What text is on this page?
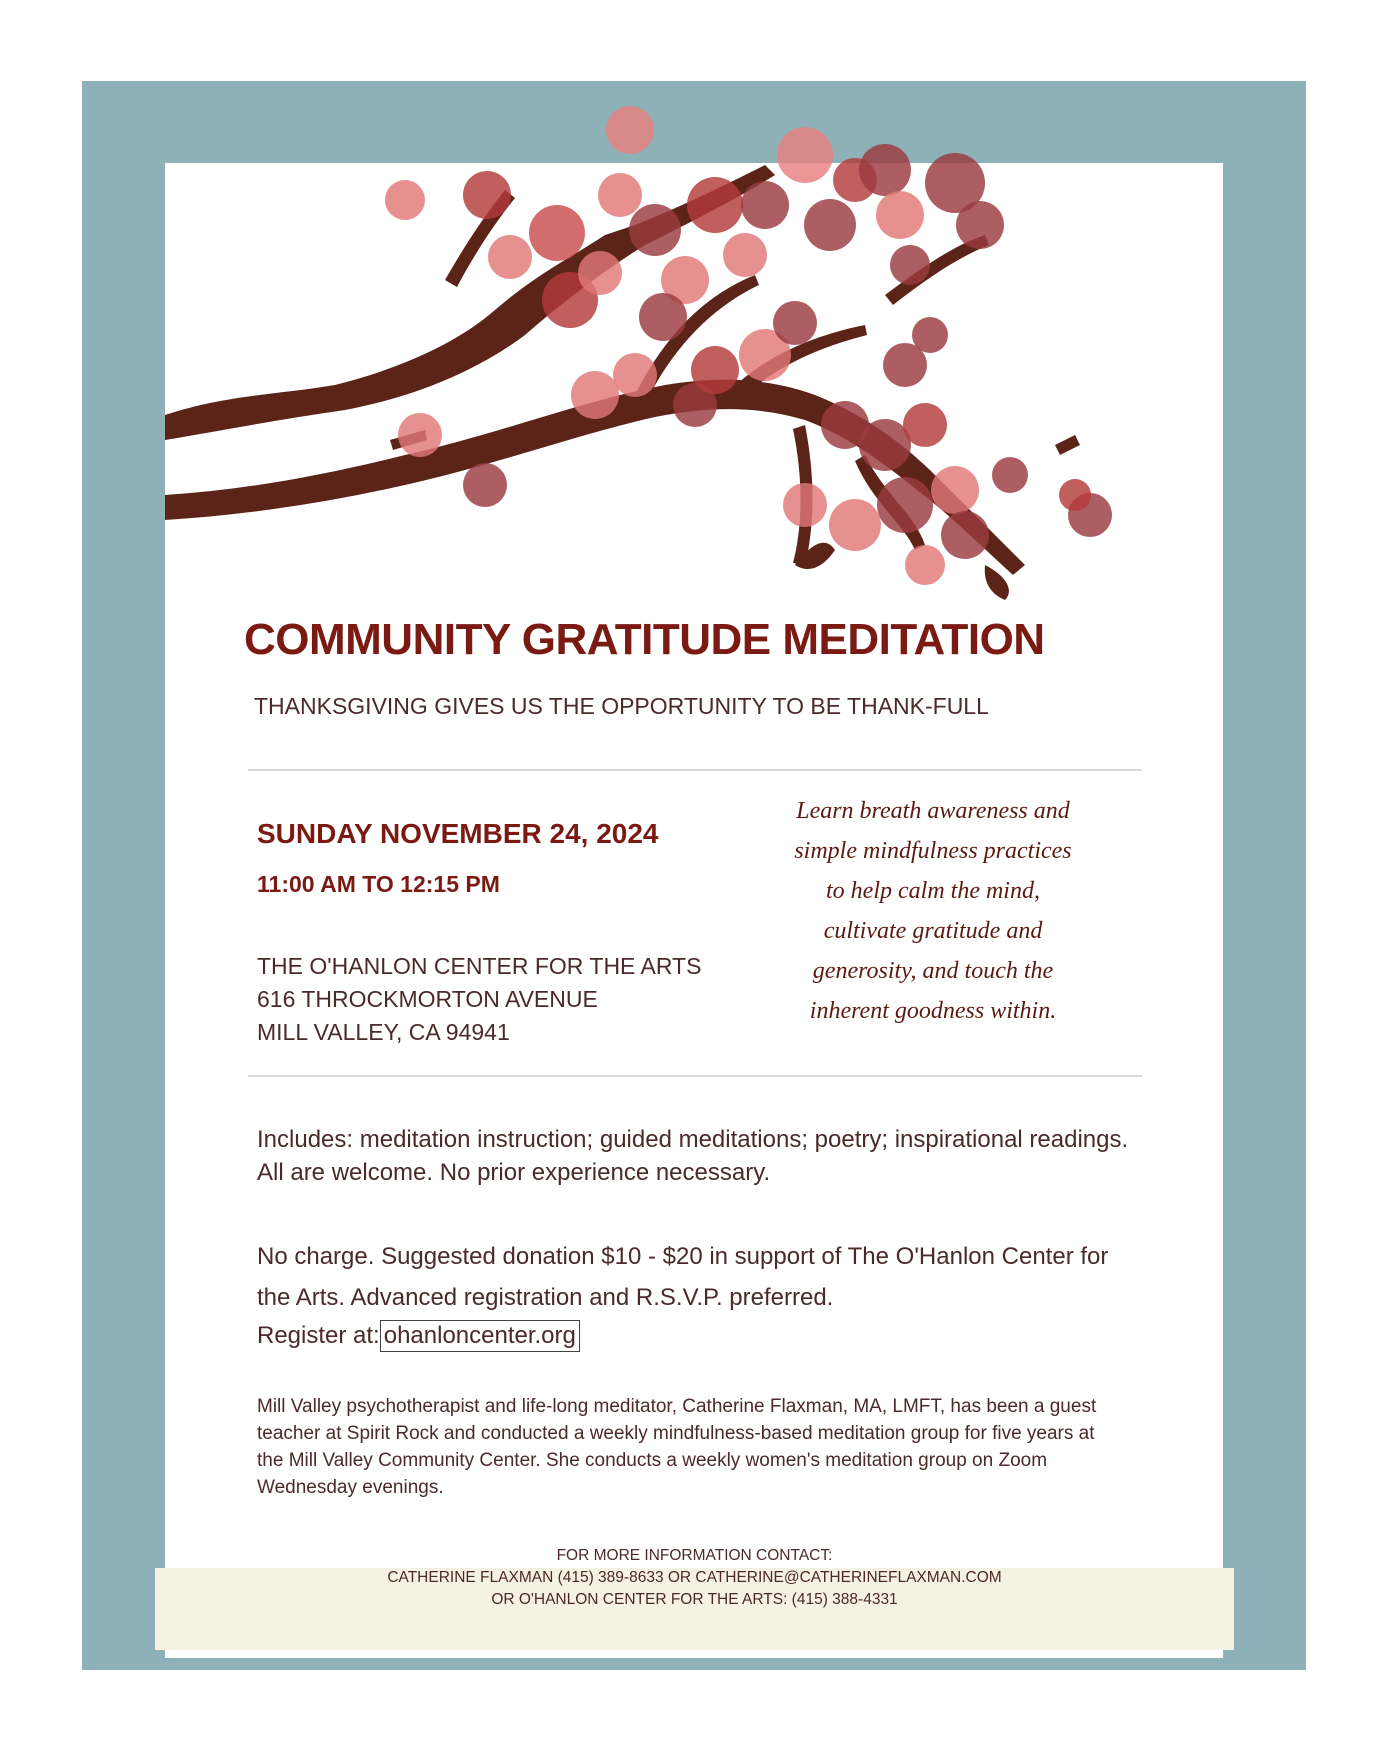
COMMUNITY GRATITUDE MEDITATION

THANKSGIVING GIVES US THE OPPORTUNITY TO BE THANK-FULL

SUNDAY NOVEMBER 24, 2024

11:00 AM TO 12:15 PM

THE O'HANLON CENTER FOR THE ARTS
616 THROCKMORTON AVENUE
MILL VALLEY, CA 94941
Learn breath awareness and
simple mindfulness practices
to help calm the mind,
cultivate gratitude and
generosity, and touch the
inherent goodness within.

Includes: meditation instruction; guided meditations; poetry; inspirational readings. All are welcome. No prior experience necessary.

No charge. Suggested donation $10 - $20 in support of The O'Hanlon Center for the Arts. Advanced registration and R.S.V.P. preferred.

Register at: ohanloncenter.org

Mill Valley psychotherapist and life-long meditator, Catherine Flaxman, MA, LMFT, has been a guest teacher at Spirit Rock and conducted a weekly mindfulness-based meditation group for five years at the Mill Valley Community Center. She conducts a weekly women's meditation group on Zoom Wednesday evenings.

FOR MORE INFORMATION CONTACT:
CATHERINE FLAXMAN (415) 389-8633 OR CATHERINE@CATHERINEFLAXMAN.COM
OR O'HANLON CENTER FOR THE ARTS: (415) 388-4331
